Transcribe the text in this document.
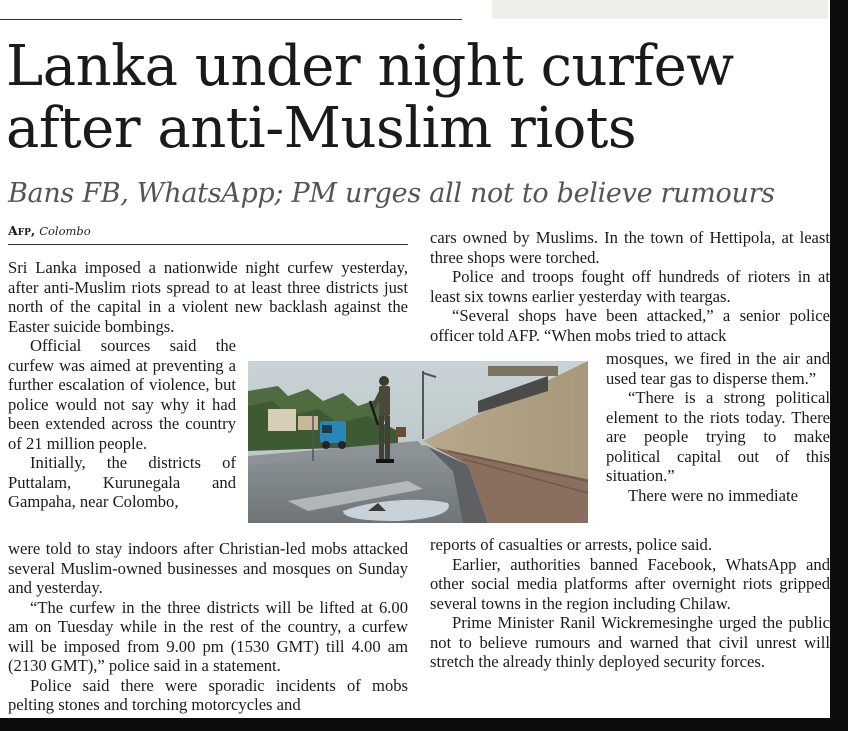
Lanka under night curfew
after anti-Muslim riots
Bans FB, WhatsApp; PM urges all not to believe rumours
Afp, Colombo

Sri Lanka imposed a nationwide night curfew yesterday, after anti-Muslim riots spread to at least three districts just north of the capital in a violent new backlash against the Easter suicide bombings.

Official sources said the curfew was aimed at preventing a further escalation of violence, but police would not say why it had been extended across the country of 21 million people.

Initially, the districts of Puttalam, Kurunegala and Gampaha, near Colombo,

were told to stay indoors after Christian-led mobs attacked several Muslim-owned businesses and mosques on Sunday and yesterday.

“The curfew in the three districts will be lifted at 6.00 am on Tuesday while in the rest of the country, a curfew will be imposed from 9.00 pm (1530 GMT) till 4.00 am (2130 GMT),” police said in a statement.

Police said there were sporadic incidents of mobs pelting stones and torching motorcycles and

cars owned by Muslims. In the town of Hettipola, at least three shops were torched.

Police and troops fought off hundreds of rioters in at least six towns earlier yesterday with teargas.

“Several shops have been attacked,” a senior police officer told AFP. “When mobs tried to attack

mosques, we fired in the air and used tear gas to disperse them.”

“There is a strong political element to the riots today. There are people trying to make political capital out of this situation.”

There were no immediate

reports of casualties or arrests, police said.

Earlier, authorities banned Facebook, WhatsApp and other social media platforms after overnight riots gripped several towns in the region including Chilaw.

Prime Minister Ranil Wickremesinghe urged the public not to believe rumours and warned that civil unrest will stretch the already thinly deployed security forces.
